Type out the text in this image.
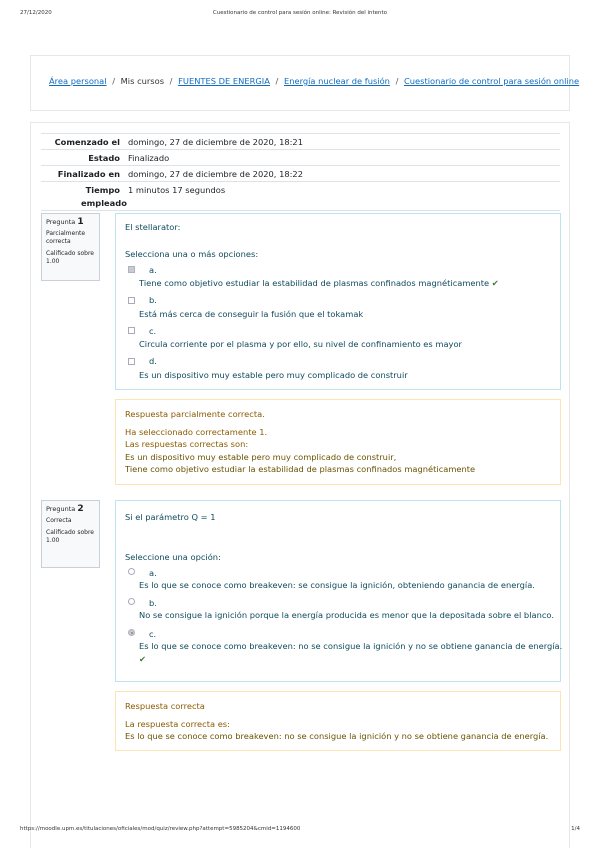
27/12/2020	Cuestionario de control para sesión online: Revisión del intento
Área personal / Mis cursos / FUENTES DE ENERGIA / Energía nuclear de fusión / Cuestionario de control para sesión online
Comenzado el domingo, 27 de diciembre de 2020, 18:21
Estado Finalizado
Finalizado en domingo, 27 de diciembre de 2020, 18:22
Tiempo empleado
1 minutos 17 segundos
Pregunta 1
Parcialmente correcta
Calificado sobre 1.00
El stellarator:
Selecciona una o más opciones:
a.
Tiene como objetivo estudiar la estabilidad de plasmas confinados magnéticamente ✔
b.
Está más cerca de conseguir la fusión que el tokamak
c.
Circula corriente por el plasma y por ello, su nivel de confinamiento es mayor
d.
Es un dispositivo muy estable pero muy complicado de construir
Respuesta parcialmente correcta.
Ha seleccionado correctamente 1.
Las respuestas correctas son:
Es un dispositivo muy estable pero muy complicado de construir,
Tiene como objetivo estudiar la estabilidad de plasmas confinados magnéticamente
Pregunta 2
Correcta
Calificado sobre 1.00
Si el parámetro Q = 1
Seleccione una opción:
a.
Es lo que se conoce como breakeven: se consigue la ignición, obteniendo ganancia de energía.
b.
No se consigue la ignición porque la energía producida es menor que la depositada sobre el blanco.
c.
Es lo que se conoce como breakeven: no se consigue la ignición y no se obtiene ganancia de energía.
✔
Respuesta correcta
La respuesta correcta es:
Es lo que se conoce como breakeven: no se consigue la ignición y no se obtiene ganancia de energía.
https://moodle.upm.es/titulaciones/oficiales/mod/quiz/review.php?attempt=5985204&cmid=1194600	1/4
